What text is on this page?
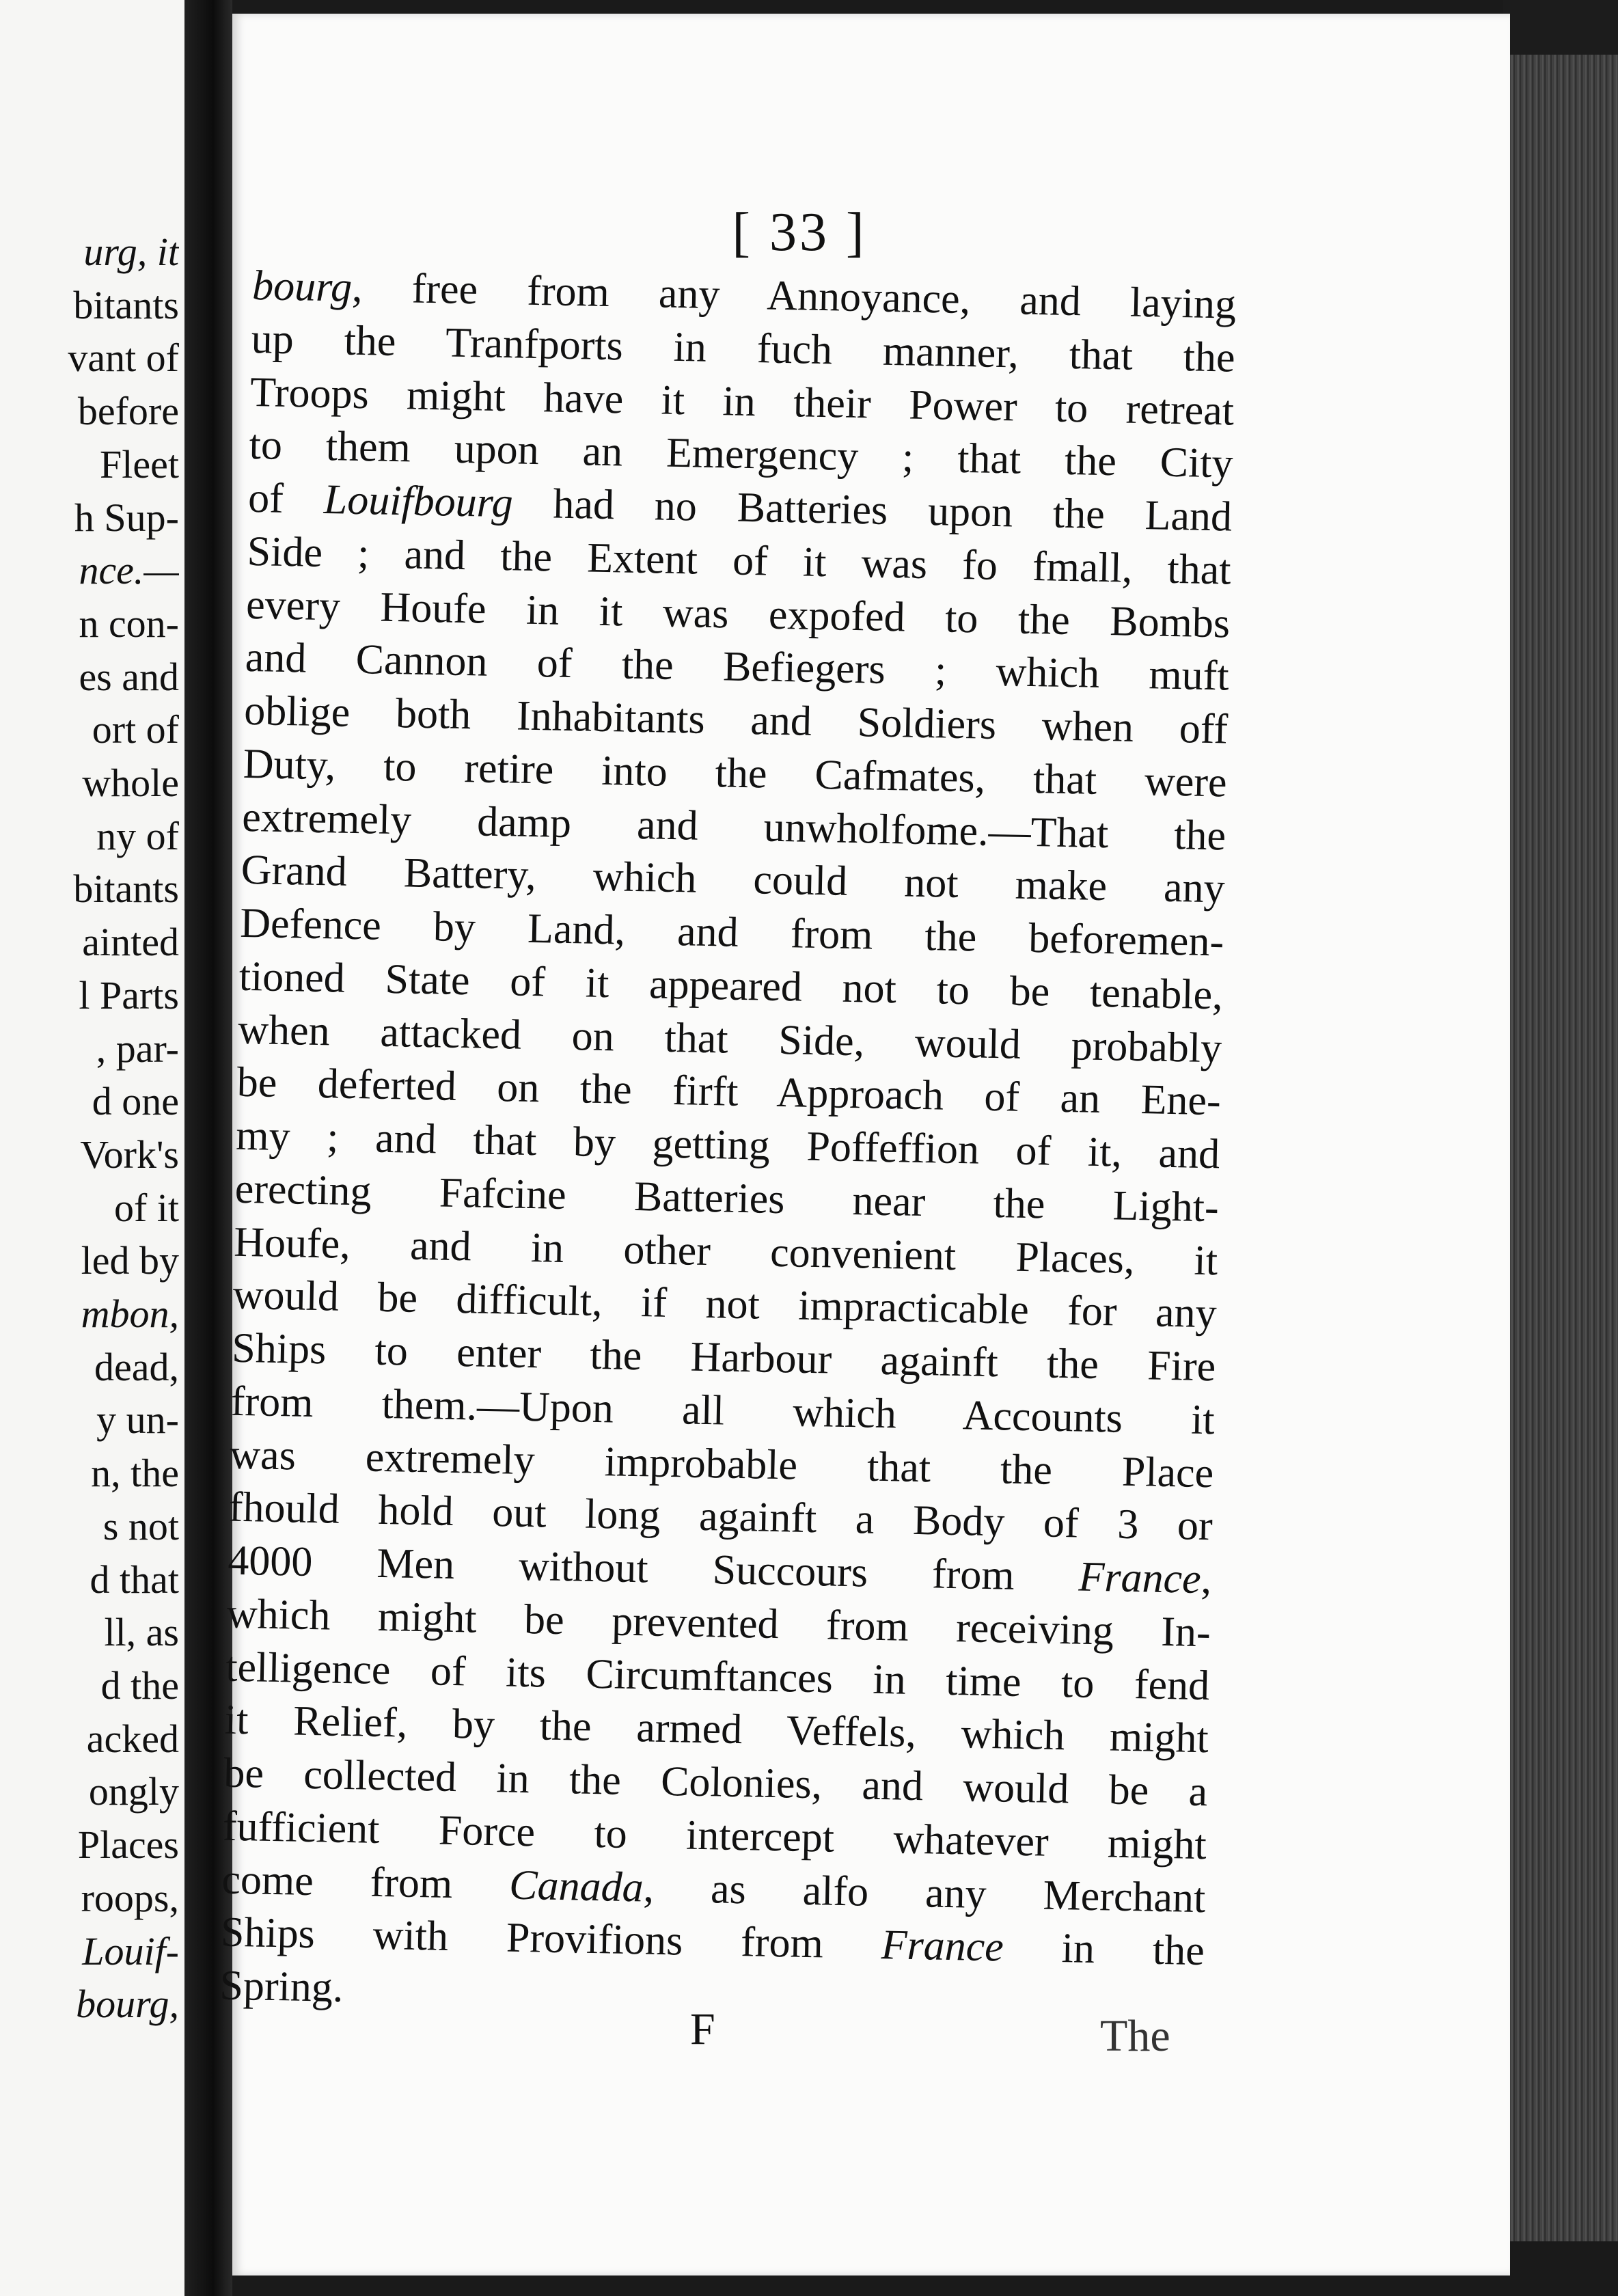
urg, it
bitants
vant of
before
Fleet
h Sup-
nce.—
n con-
es and
ort of
whole
ny of
bitants
ainted
l Parts
, par-
d one
Vork's
of it
led by
mbon,
dead,
y un-
n, the
s not
d that
ll, as
d the
acked
ongly
Places
roops,
Louif-
bourg,
[ 33 ]
bourg, free from any Annoyance, and laying
up the Tranfports in fuch manner, that the
Troops might have it in their Power to retreat
to them upon an Emergency ; that the City
of Louifbourg had no Batteries upon the Land
Side ; and the Extent of it was fo fmall, that
every Houfe in it was expofed to the Bombs
and Cannon of the Befiegers ; which muft
oblige both Inhabitants and Soldiers when off
Duty, to retire into the Cafmates, that were
extremely damp and unwholfome.—That the
Grand Battery, which could not make any
Defence by Land, and from the beforemen-
tioned State of it appeared not to be tenable,
when attacked on that Side, would probably
be deferted on the firft Approach of an Ene-
my ; and that by getting Poffeffion of it, and
erecting Fafcine Batteries near the Light-
Houfe, and in other convenient Places, it
would be difficult, if not impracticable for any
Ships to enter the Harbour againft the Fire
from them.—Upon all which Accounts it
was extremely improbable that the Place
fhould hold out long againft a Body of 3 or
4000 Men without Succours from France,
which might be prevented from receiving In-
telligence of its Circumftances in time to fend
it Relief, by the armed Veffels, which might
be collected in the Colonies, and would be a
fufficient Force to intercept whatever might
come from Canada, as alfo any Merchant
Ships with Provifions from France in the
Spring.
F	The
